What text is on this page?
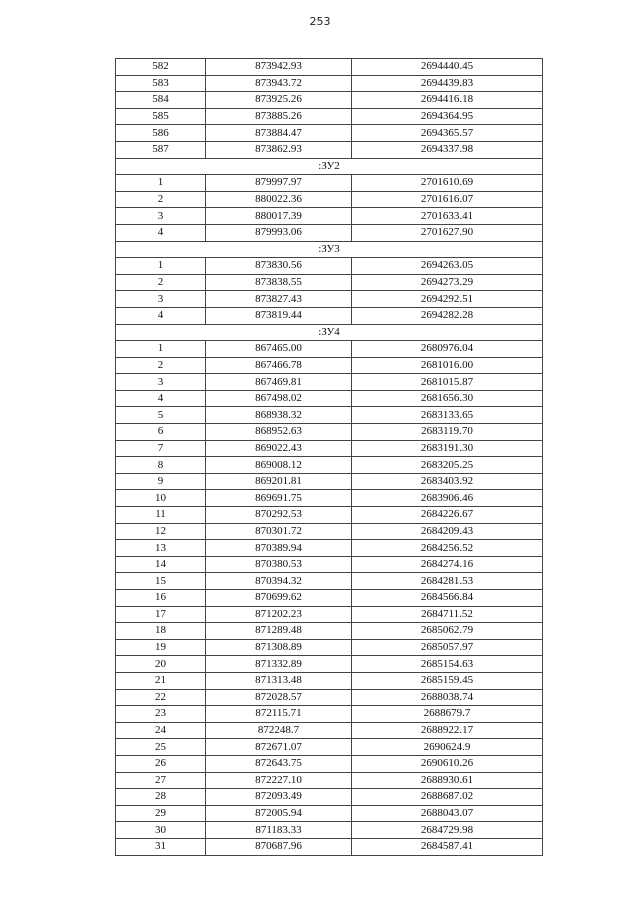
253
582	873942.93	2694440.45
583	873943.72	2694439.83
584	873925.26	2694416.18
585	873885.26	2694364.95
586	873884.47	2694365.57
587	873862.93	2694337.98
:ЗУ2		
1	879997.97	2701610.69
2	880022.36	2701616.07
3	880017.39	2701633.41
4	879993.06	2701627.90
:ЗУ3		
1	873830.56	2694263.05
2	873838.55	2694273.29
3	873827.43	2694292.51
4	873819.44	2694282.28
:ЗУ4		
1	867465.00	2680976.04
2	867466.78	2681016.00
3	867469.81	2681015.87
4	867498.02	2681656.30
5	868938.32	2683133.65
6	868952.63	2683119.70
7	869022.43	2683191.30
8	869008.12	2683205.25
9	869201.81	2683403.92
10	869691.75	2683906.46
11	870292.53	2684226.67
12	870301.72	2684209.43
13	870389.94	2684256.52
14	870380.53	2684274.16
15	870394.32	2684281.53
16	870699.62	2684566.84
17	871202.23	2684711.52
18	871289.48	2685062.79
19	871308.89	2685057.97
20	871332.89	2685154.63
21	871313.48	2685159.45
22	872028.57	2688038.74
23	872115.71	2688679.7
24	872248.7	2688922.17
25	872671.07	2690624.9
26	872643.75	2690610.26
27	872227.10	2688930.61
28	872093.49	2688687.02
29	872005.94	2688043.07
30	871183.33	2684729.98
31	870687.96	2684587.41
